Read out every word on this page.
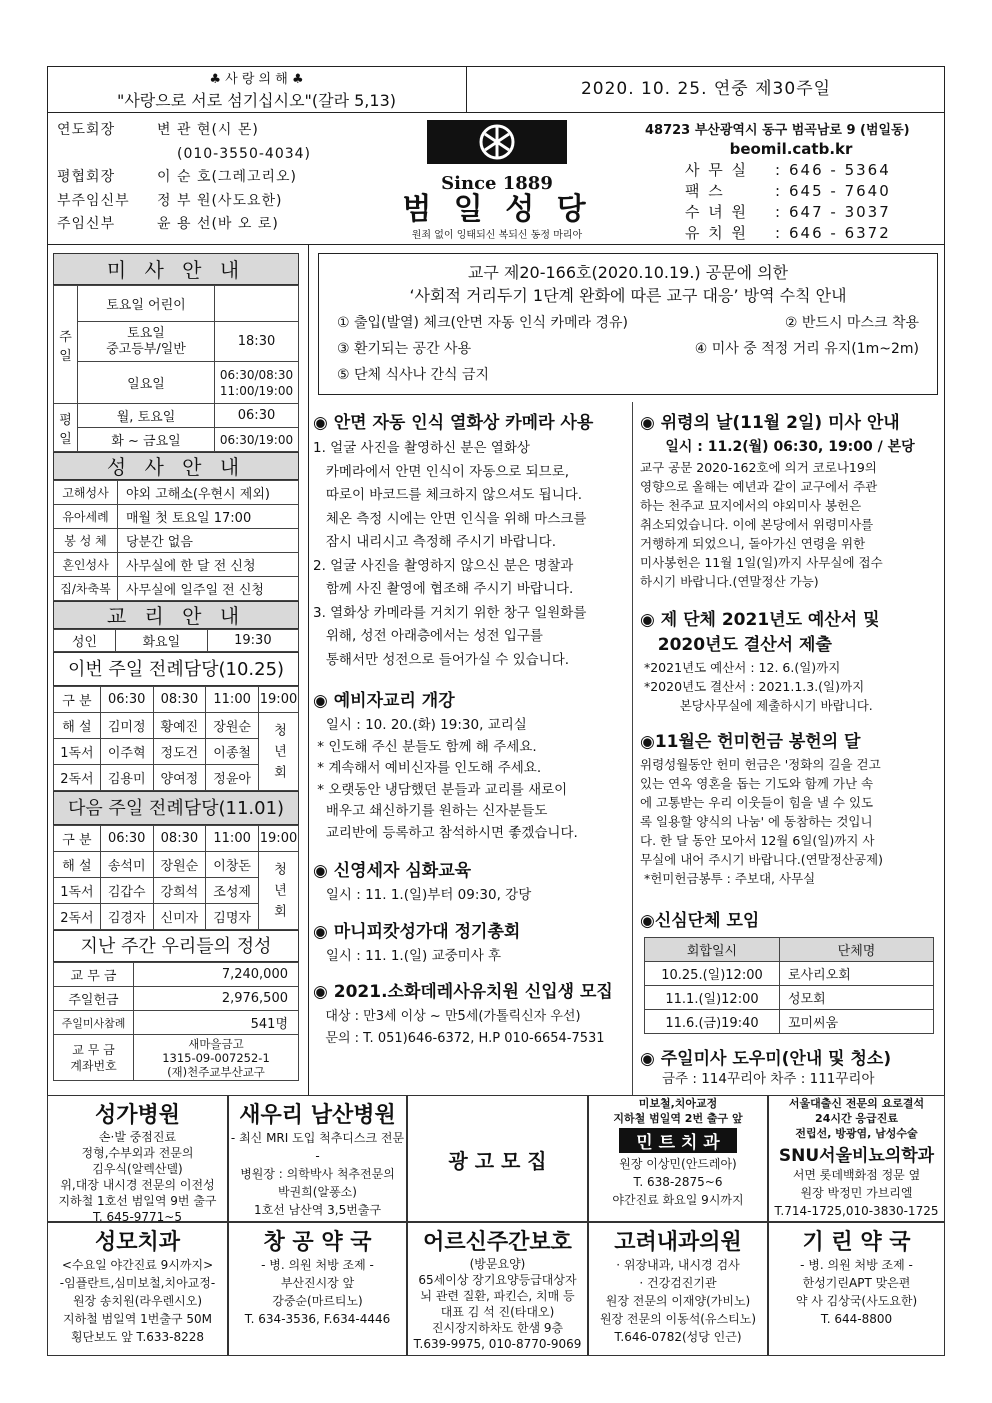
♣ 사 랑 의 해 ♣
"사랑으로 서로 섬기십시오"(갈라 5,13)
2020. 10. 25. 연중 제30주일
연도회장	변 관 현(시 몬)
(010-3550-4034)
평협회장	이 순 호(그레고리오)
부주임신부	정 부 원(사도요한)
주임신부	윤 용 선(바 오 로)
Since 1889
범 일 성 당
원죄 없이 잉태되신 복되신 동정 마리아
48723 부산광역시 동구 범곡남로 9 (범일동)
beomil.catb.kr
사 무 실	: 646 - 5364
팩 스	: 645 - 7640
수 녀 원	: 647 - 3037
유 치 원	: 646 - 6372
미 사 안 내
주 일	토요일 어린이	
	토요일
중고등부/일반	18:30
	일요일	06:30/08:30
11:00/19:00
평 일	월, 토요일	06:30
	화 ~ 금요일	06:30/19:00
성 사 안 내
고해성사	야외 고해소(우현시 제외)
유아세례	매월 첫 토요일 17:00
봉 성 체	당분간 없음
혼인성사	사무실에 한 달 전 신청
집/차축복	사무실에 일주일 전 신청
교 리 안 내
성인	화요일	19:30
이번 주일 전례담당(10.25)
구 분	06:30	08:30	11:00	19:00
해 설	김미정	황예진	장원순	청 년 회
1독서	이주혁	정도건	이종철	
2독서	김용미	양여정	정윤아	
다음 주일 전례담당(11.01)
구 분	06:30	08:30	11:00	19:00
해 설	송석미	장원순	이창돈	청 년 회
1독서	김갑수	강희석	조성제	
2독서	김경자	신미자	김명자	
지난 주간 우리들의 정성
교 무 금	7,240,000
주일헌금	2,976,500
주일미사참례	541명
교 무 금
계좌번호	새마을금고
1315-09-007252-1
(재)천주교부산교구
교구 제20-166호(2020.10.19.) 공문에 의한
‘사회적 거리두기 1단계 완화에 따른 교구 대응’ 방역 수칙 안내
① 출입(발열) 체크(안면 자동 인식 카메라 경유)	② 반드시 마스크 착용
③ 환기되는 공간 사용	④ 미사 중 적정 거리 유지(1m~2m)
⑤ 단체 식사나 간식 금지
◉ 안면 자동 인식 열화상 카메라 사용
1. 얼굴 사진을 촬영하신 분은 열화상
카메라에서 안면 인식이 자동으로 되므로,
따로이 바코드를 체크하지 않으셔도 됩니다.
체온 측정 시에는 안면 인식을 위해 마스크를
잠시 내리시고 측정해 주시기 바랍니다.
2. 얼굴 사진을 촬영하지 않으신 분은 명찰과
함께 사진 촬영에 협조해 주시기 바랍니다.
3. 열화상 카메라를 거치기 위한 창구 일원화를
위해, 성전 아래층에서는 성전 입구를
통해서만 성전으로 들어가실 수 있습니다.
◉ 예비자교리 개강
일시 : 10. 20.(화) 19:30, 교리실
* 인도해 주신 분들도 함께 해 주세요.
* 계속해서 예비신자를 인도해 주세요.
* 오랫동안 냉담했던 분들과 교리를 새로이
배우고 쇄신하기를 원하는 신자분들도
교리반에 등록하고 참석하시면 좋겠습니다.
◉ 신영세자 심화교육
일시 : 11. 1.(일)부터 09:30, 강당
◉ 마니피캇성가대 정기총회
일시 : 11. 1.(일) 교중미사 후
◉ 2021.소화데레사유치원 신입생 모집
대상 : 만3세 이상 ~ 만5세(가톨릭신자 우선)
문의 : T. 051)646-6372, H.P 010-6654-7531
◉ 위령의 날(11월 2일) 미사 안내
일시 : 11.2(월) 06:30, 19:00 / 본당
교구 공문 2020-162호에 의거 코로나19의
영향으로 올해는 예년과 같이 교구에서 주관
하는 천주교 묘지에서의 야외미사 봉헌은
취소되었습니다. 이에 본당에서 위령미사를
거행하게 되었으니, 돌아가신 연령을 위한
미사봉헌은 11월 1일(일)까지 사무실에 접수
하시기 바랍니다.(연말정산 가능)
◉ 제 단체 2021년도 예산서 및
2020년도 결산서 제출
*2021년도 예산서 : 12. 6.(일)까지
*2020년도 결산서 : 2021.1.3.(일)까지
본당사무실에 제출하시기 바랍니다.
◉11월은 헌미헌금 봉헌의 달
위령성월동안 헌미 헌금은 '정화의 길을 걷고
있는 연옥 영혼을 돕는 기도와 함께 가난 속
에 고통받는 우리 이웃들이 힘을 낼 수 있도
록 일용할 양식의 나눔' 에 동참하는 것입니
다. 한 달 동안 모아서 12월 6일(일)까지 사
무실에 내어 주시기 바랍니다.(연말정산공제)
*헌미헌금봉투 : 주보대, 사무실
◉신심단체 모임
회합일시	단체명
10.25.(일)12:00	로사리오회
11.1.(일)12:00	성모회
11.6.(금)19:40	꼬미씨움
◉ 주일미사 도우미(안내 및 청소)
금주 : 114꾸리아 차주 : 111꾸리아
성가병원
손·발 중점진료
정형,수부외과 전문의
김우식(알렉산델)
위,대장 내시경 전문의 이전성
지하철 1호선 범일역 9번 출구
T. 645-9771~5
새우리 남산병원
- 최신 MRI 도입 척추디스크 전문 -
병원장 : 의학박사 척추전문의
박권희(알퐁소)
1호선 남산역 3,5번출구
광 고 모 집
미보철,치아교정
지하철 범일역 2번 출구 앞
민 트 치 과
원장 이상민(안드레아)
T. 638-2875~6
야간진료 화요일 9시까지
서울대출신 전문의 요로결석
24시간 응급진료
전립선, 방광염, 남성수술
SNU서울비뇨의학과
서면 롯데백화점 정문 옆
원장 박정민 가브리엘
T.714-1725,010-3830-1725
성모치과
<수요일 야간진료 9시까지>
-임플란트,심미보철,치아교정-
원장 송치원(라우렌시오)
지하철 범일역 1번출구 50M
횡단보도 앞 T.633-8228
창 공 약 국
- 병. 의원 처방 조제 -
부산진시장 앞
강중순(마르티노)
T. 634-3536, F.634-4446
어르신주간보호
(방문요양)
65세이상 장기요양등급대상자
뇌 관련 질환, 파킨슨, 치매 등
대표 김 석 진(타대오)
진시장지하차도 한샘 9층
T.639-9975, 010-8770-9069
고려내과의원
· 위장내과, 내시경 검사
· 건강검진기관
원장 전문의 이재양(가비노)
원장 전문의 이동석(유스티노)
T.646-0782(성당 인근)
기 린 약 국
- 병. 의원 처방 조제 -
한성기린APT 맞은편
약 사 김상국(사도요한)
T. 644-8800
